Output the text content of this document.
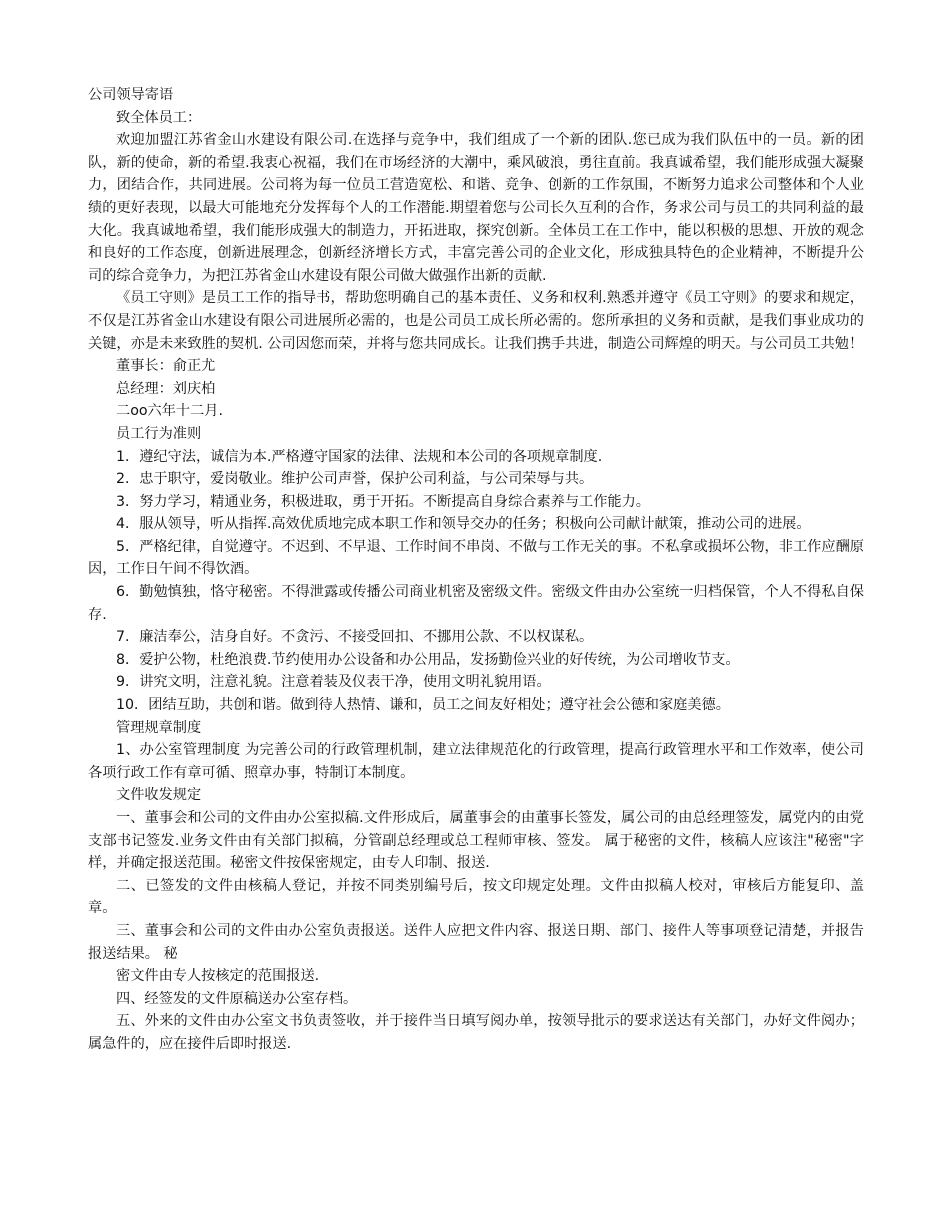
公司领导寄语

致全体员工：

欢迎加盟江苏省金山水建设有限公司.在选择与竞争中，我们组成了一个新的团队.您已成为我们队伍中的一员。新的团队，新的使命，新的希望.我衷心祝福，我们在市场经济的大潮中，乘风破浪，勇往直前。我真诚希望，我们能形成强大凝聚力，团结合作，共同进展。公司将为每一位员工营造宽松、和谐、竞争、创新的工作氛围，不断努力追求公司整体和个人业绩的更好表现，以最大可能地充分发挥每个人的工作潜能.期望着您与公司长久互利的合作，务求公司与员工的共同利益的最大化。我真诚地希望，我们能形成强大的制造力，开拓进取，探究创新。全体员工在工作中，能以积极的思想、开放的观念和良好的工作态度，创新进展理念，创新经济增长方式，丰富完善公司的企业文化，形成独具特色的企业精神，不断提升公司的综合竞争力，为把江苏省金山水建设有限公司做大做强作出新的贡献.

《员工守则》是员工工作的指导书，帮助您明确自己的基本责任、义务和权利.熟悉并遵守《员工守则》的要求和规定，不仅是江苏省金山水建设有限公司进展所必需的，也是公司员工成长所必需的。您所承担的义务和贡献，是我们事业成功的关键，亦是未来致胜的契机. 公司因您而荣，并将与您共同成长。让我们携手共进，制造公司辉煌的明天。与公司员工共勉！

董事长：俞正尤

总经理：刘庆柏

二oo六年十二月.

员工行为准则

1．遵纪守法，诚信为本.严格遵守国家的法律、法规和本公司的各项规章制度.

2．忠于职守，爱岗敬业。维护公司声誉，保护公司利益，与公司荣辱与共。

3．努力学习，精通业务，积极进取，勇于开拓。不断提高自身综合素养与工作能力。

4．服从领导，听从指挥.高效优质地完成本职工作和领导交办的任务；积极向公司献计献策，推动公司的进展。

5．严格纪律，自觉遵守。不迟到、不早退、工作时间不串岗、不做与工作无关的事。不私拿或损坏公物，非工作应酬原因，工作日午间不得饮酒。

6．勤勉慎独，恪守秘密。不得泄露或传播公司商业机密及密级文件。密级文件由办公室统一归档保管，个人不得私自保存.

7．廉洁奉公，洁身自好。不贪污、不接受回扣、不挪用公款、不以权谋私。

8．爱护公物，杜绝浪费.节约使用办公设备和办公用品，发扬勤俭兴业的好传统，为公司增收节支。

9．讲究文明，注意礼貌。注意着装及仪表干净，使用文明礼貌用语。

10．团结互助，共创和谐。做到待人热情、谦和，员工之间友好相处；遵守社会公德和家庭美德。

管理规章制度

1、办公室管理制度 为完善公司的行政管理机制，建立法律规范化的行政管理，提高行政管理水平和工作效率，使公司各项行政工作有章可循、照章办事，特制订本制度。

文件收发规定

一、董事会和公司的文件由办公室拟稿.文件形成后，属董事会的由董事长签发，属公司的由总经理签发，属党内的由党支部书记签发.业务文件由有关部门拟稿，分管副总经理或总工程师审核、签发。 属于秘密的文件，核稿人应该注"秘密"字样，并确定报送范围。秘密文件按保密规定，由专人印制、报送.

二、已签发的文件由核稿人登记，并按不同类别编号后，按文印规定处理。文件由拟稿人校对，审核后方能复印、盖章。

三、董事会和公司的文件由办公室负责报送。送件人应把文件内容、报送日期、部门、接件人等事项登记清楚，并报告报送结果。 秘

密文件由专人按核定的范围报送.

四、经签发的文件原稿送办公室存档。

五、外来的文件由办公室文书负责签收，并于接件当日填写阅办单，按领导批示的要求送达有关部门，办好文件阅办；属急件的，应在接件后即时报送.
